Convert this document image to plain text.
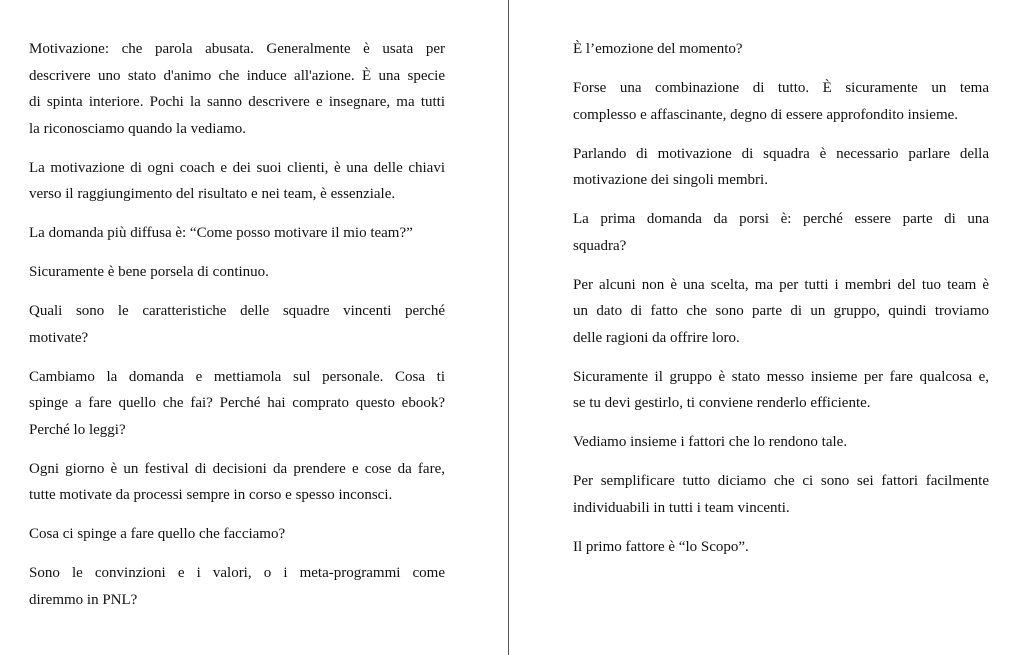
Motivazione: che parola abusata. Generalmente è usata per
descrivere uno stato d'animo che induce all'azione. È una specie
di spinta interiore. Pochi la sanno descrivere e insegnare, ma tutti
la riconosciamo quando la vediamo.

La motivazione di ogni coach e dei suoi clienti, è una delle chiavi
verso il raggiungimento del risultato e nei team, è essenziale.

La domanda più diffusa è: “Come posso motivare il mio team?”

Sicuramente è bene porsela di continuo.

Quali sono le caratteristiche delle squadre vincenti perché
motivate?

Cambiamo la domanda e mettiamola sul personale. Cosa ti
spinge a fare quello che fai? Perché hai comprato questo ebook?
Perché lo leggi?

Ogni giorno è un festival di decisioni da prendere e cose da fare,
tutte motivate da processi sempre in corso e spesso inconsci.

Cosa ci spinge a fare quello che facciamo?

Sono le convinzioni e i valori, o i meta-programmi come
diremmo in PNL?

È l’emozione del momento?

Forse una combinazione di tutto. È sicuramente un tema
complesso e affascinante, degno di essere approfondito insieme.

Parlando di motivazione di squadra è necessario parlare della
motivazione dei singoli membri.

La prima domanda da porsi è: perché essere parte di una
squadra?

Per alcuni non è una scelta, ma per tutti i membri del tuo team è
un dato di fatto che sono parte di un gruppo, quindi troviamo
delle ragioni da offrire loro.

Sicuramente il gruppo è stato messo insieme per fare qualcosa e,
se tu devi gestirlo, ti conviene renderlo efficiente.

Vediamo insieme i fattori che lo rendono tale.

Per semplificare tutto diciamo che ci sono sei fattori facilmente
individuabili in tutti i team vincenti.

Il primo fattore è “lo Scopo”.
